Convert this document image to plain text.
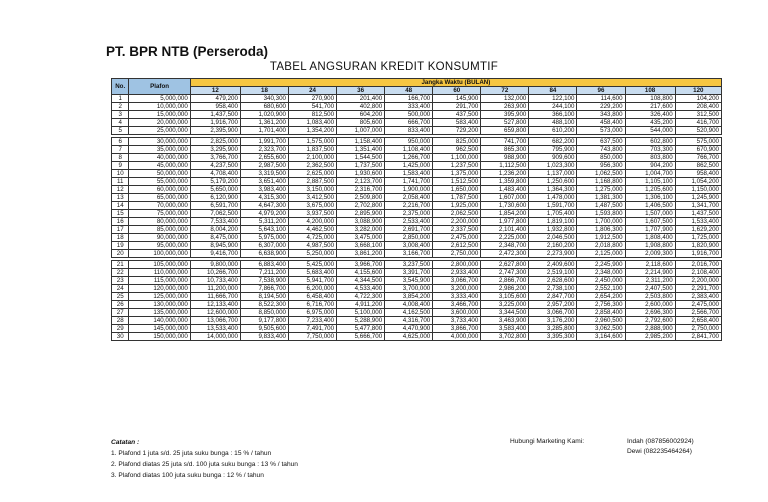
PT. BPR NTB (Perseroda)
TABEL ANGSURAN KREDIT KONSUMTIF
No.	Plafon	Jangka Waktu (BULAN)										
		12	18	24	36	48	60	72	84	96	108	120
1	5,000,000	479,200	340,300	270,900	201,400	166,700	145,900	132,000	122,100	114,600	108,800	104,200
2	10,000,000	958,400	680,600	541,700	402,800	333,400	291,700	263,900	244,100	229,200	217,600	208,400
3	15,000,000	1,437,500	1,020,900	812,500	604,200	500,000	437,500	395,900	366,100	343,800	326,400	312,500
4	20,000,000	1,916,700	1,361,200	1,083,400	805,600	666,700	583,400	527,800	488,100	458,400	435,200	416,700
5	25,000,000	2,395,900	1,701,400	1,354,200	1,007,000	833,400	729,200	659,800	610,200	573,000	544,000	520,900

6	30,000,000	2,825,000	1,991,700	1,575,000	1,158,400	950,000	825,000	741,700	682,200	637,500	602,800	575,000
7	35,000,000	3,295,900	2,323,700	1,837,500	1,351,400	1,108,400	962,500	865,300	795,900	743,800	703,300	670,900
8	40,000,000	3,766,700	2,655,600	2,100,000	1,544,500	1,266,700	1,100,000	988,900	909,600	850,000	803,800	766,700
9	45,000,000	4,237,500	2,987,500	2,362,500	1,737,500	1,425,000	1,237,500	1,112,500	1,023,300	956,300	904,200	862,500
10	50,000,000	4,708,400	3,319,500	2,625,000	1,930,600	1,583,400	1,375,000	1,236,200	1,137,000	1,062,500	1,004,700	958,400
11	55,000,000	5,179,200	3,651,400	2,887,500	2,123,700	1,741,700	1,512,500	1,359,800	1,250,600	1,168,800	1,105,100	1,054,200
12	60,000,000	5,650,000	3,983,400	3,150,000	2,316,700	1,900,000	1,650,000	1,483,400	1,364,300	1,275,000	1,205,600	1,150,000
13	65,000,000	6,120,900	4,315,300	3,412,500	2,509,800	2,058,400	1,787,500	1,607,000	1,478,000	1,381,300	1,306,100	1,245,900
14	70,000,000	6,591,700	4,647,300	3,675,000	2,702,800	2,216,700	1,925,000	1,730,600	1,591,700	1,487,500	1,406,500	1,341,700
15	75,000,000	7,062,500	4,979,200	3,937,500	2,895,900	2,375,000	2,062,500	1,854,200	1,705,400	1,593,800	1,507,000	1,437,500
16	80,000,000	7,533,400	5,311,200	4,200,000	3,088,900	2,533,400	2,200,000	1,977,800	1,819,100	1,700,000	1,607,500	1,533,400
17	85,000,000	8,004,200	5,643,100	4,462,500	3,282,000	2,691,700	2,337,500	2,101,400	1,932,800	1,806,300	1,707,900	1,629,200
18	90,000,000	8,475,000	5,975,000	4,725,000	3,475,000	2,850,000	2,475,000	2,225,000	2,046,500	1,912,500	1,808,400	1,725,000
19	95,000,000	8,945,900	6,307,000	4,987,500	3,668,100	3,008,400	2,612,500	2,348,700	2,160,200	2,018,800	1,908,800	1,820,900
20	100,000,000	9,416,700	6,638,900	5,250,000	3,861,200	3,166,700	2,750,000	2,472,300	2,273,900	2,125,000	2,009,300	1,916,700

21	105,000,000	9,800,000	6,883,400	5,425,000	3,966,700	3,237,500	2,800,000	2,627,800	2,409,600	2,245,900	2,118,600	2,016,700
22	110,000,000	10,266,700	7,211,200	5,683,400	4,155,600	3,391,700	2,933,400	2,747,300	2,519,100	2,348,000	2,214,900	2,108,400
23	115,000,000	10,733,400	7,538,900	5,941,700	4,344,500	3,545,900	3,066,700	2,866,700	2,628,600	2,450,000	2,311,200	2,200,000
24	120,000,000	11,200,000	7,866,700	6,200,000	4,533,400	3,700,000	3,200,000	2,986,200	2,738,100	2,552,100	2,407,500	2,291,700
25	125,000,000	11,666,700	8,194,500	6,458,400	4,722,300	3,854,200	3,333,400	3,105,600	2,847,700	2,654,200	2,503,800	2,383,400
26	130,000,000	12,133,400	8,522,300	6,716,700	4,911,200	4,008,400	3,466,700	3,225,000	2,957,200	2,756,300	2,600,000	2,475,000
27	135,000,000	12,600,000	8,850,000	6,975,000	5,100,000	4,162,500	3,600,000	3,344,500	3,066,700	2,858,400	2,696,300	2,566,700
28	140,000,000	13,066,700	9,177,800	7,233,400	5,288,900	4,316,700	3,733,400	3,463,900	3,176,200	2,960,500	2,792,600	2,658,400
29	145,000,000	13,533,400	9,505,600	7,491,700	5,477,800	4,470,900	3,866,700	3,583,400	3,285,800	3,062,500	2,888,900	2,750,000
30	150,000,000	14,000,000	9,833,400	7,750,000	5,666,700	4,625,000	4,000,000	3,702,800	3,395,300	3,164,600	2,985,200	2,841,700
Catatan :
1. Plafond 1 juta s/d. 25 juta suku bunga : 15 % / tahun
2. Plafond diatas 25 juta s/d. 100 juta suku bunga : 13 % / tahun
3. Plafond diatas 100 juta suku bunga : 12 % / tahun
Hubungi Marketing Kami:	Indah (087856002924)
Dewi (082235464264)
